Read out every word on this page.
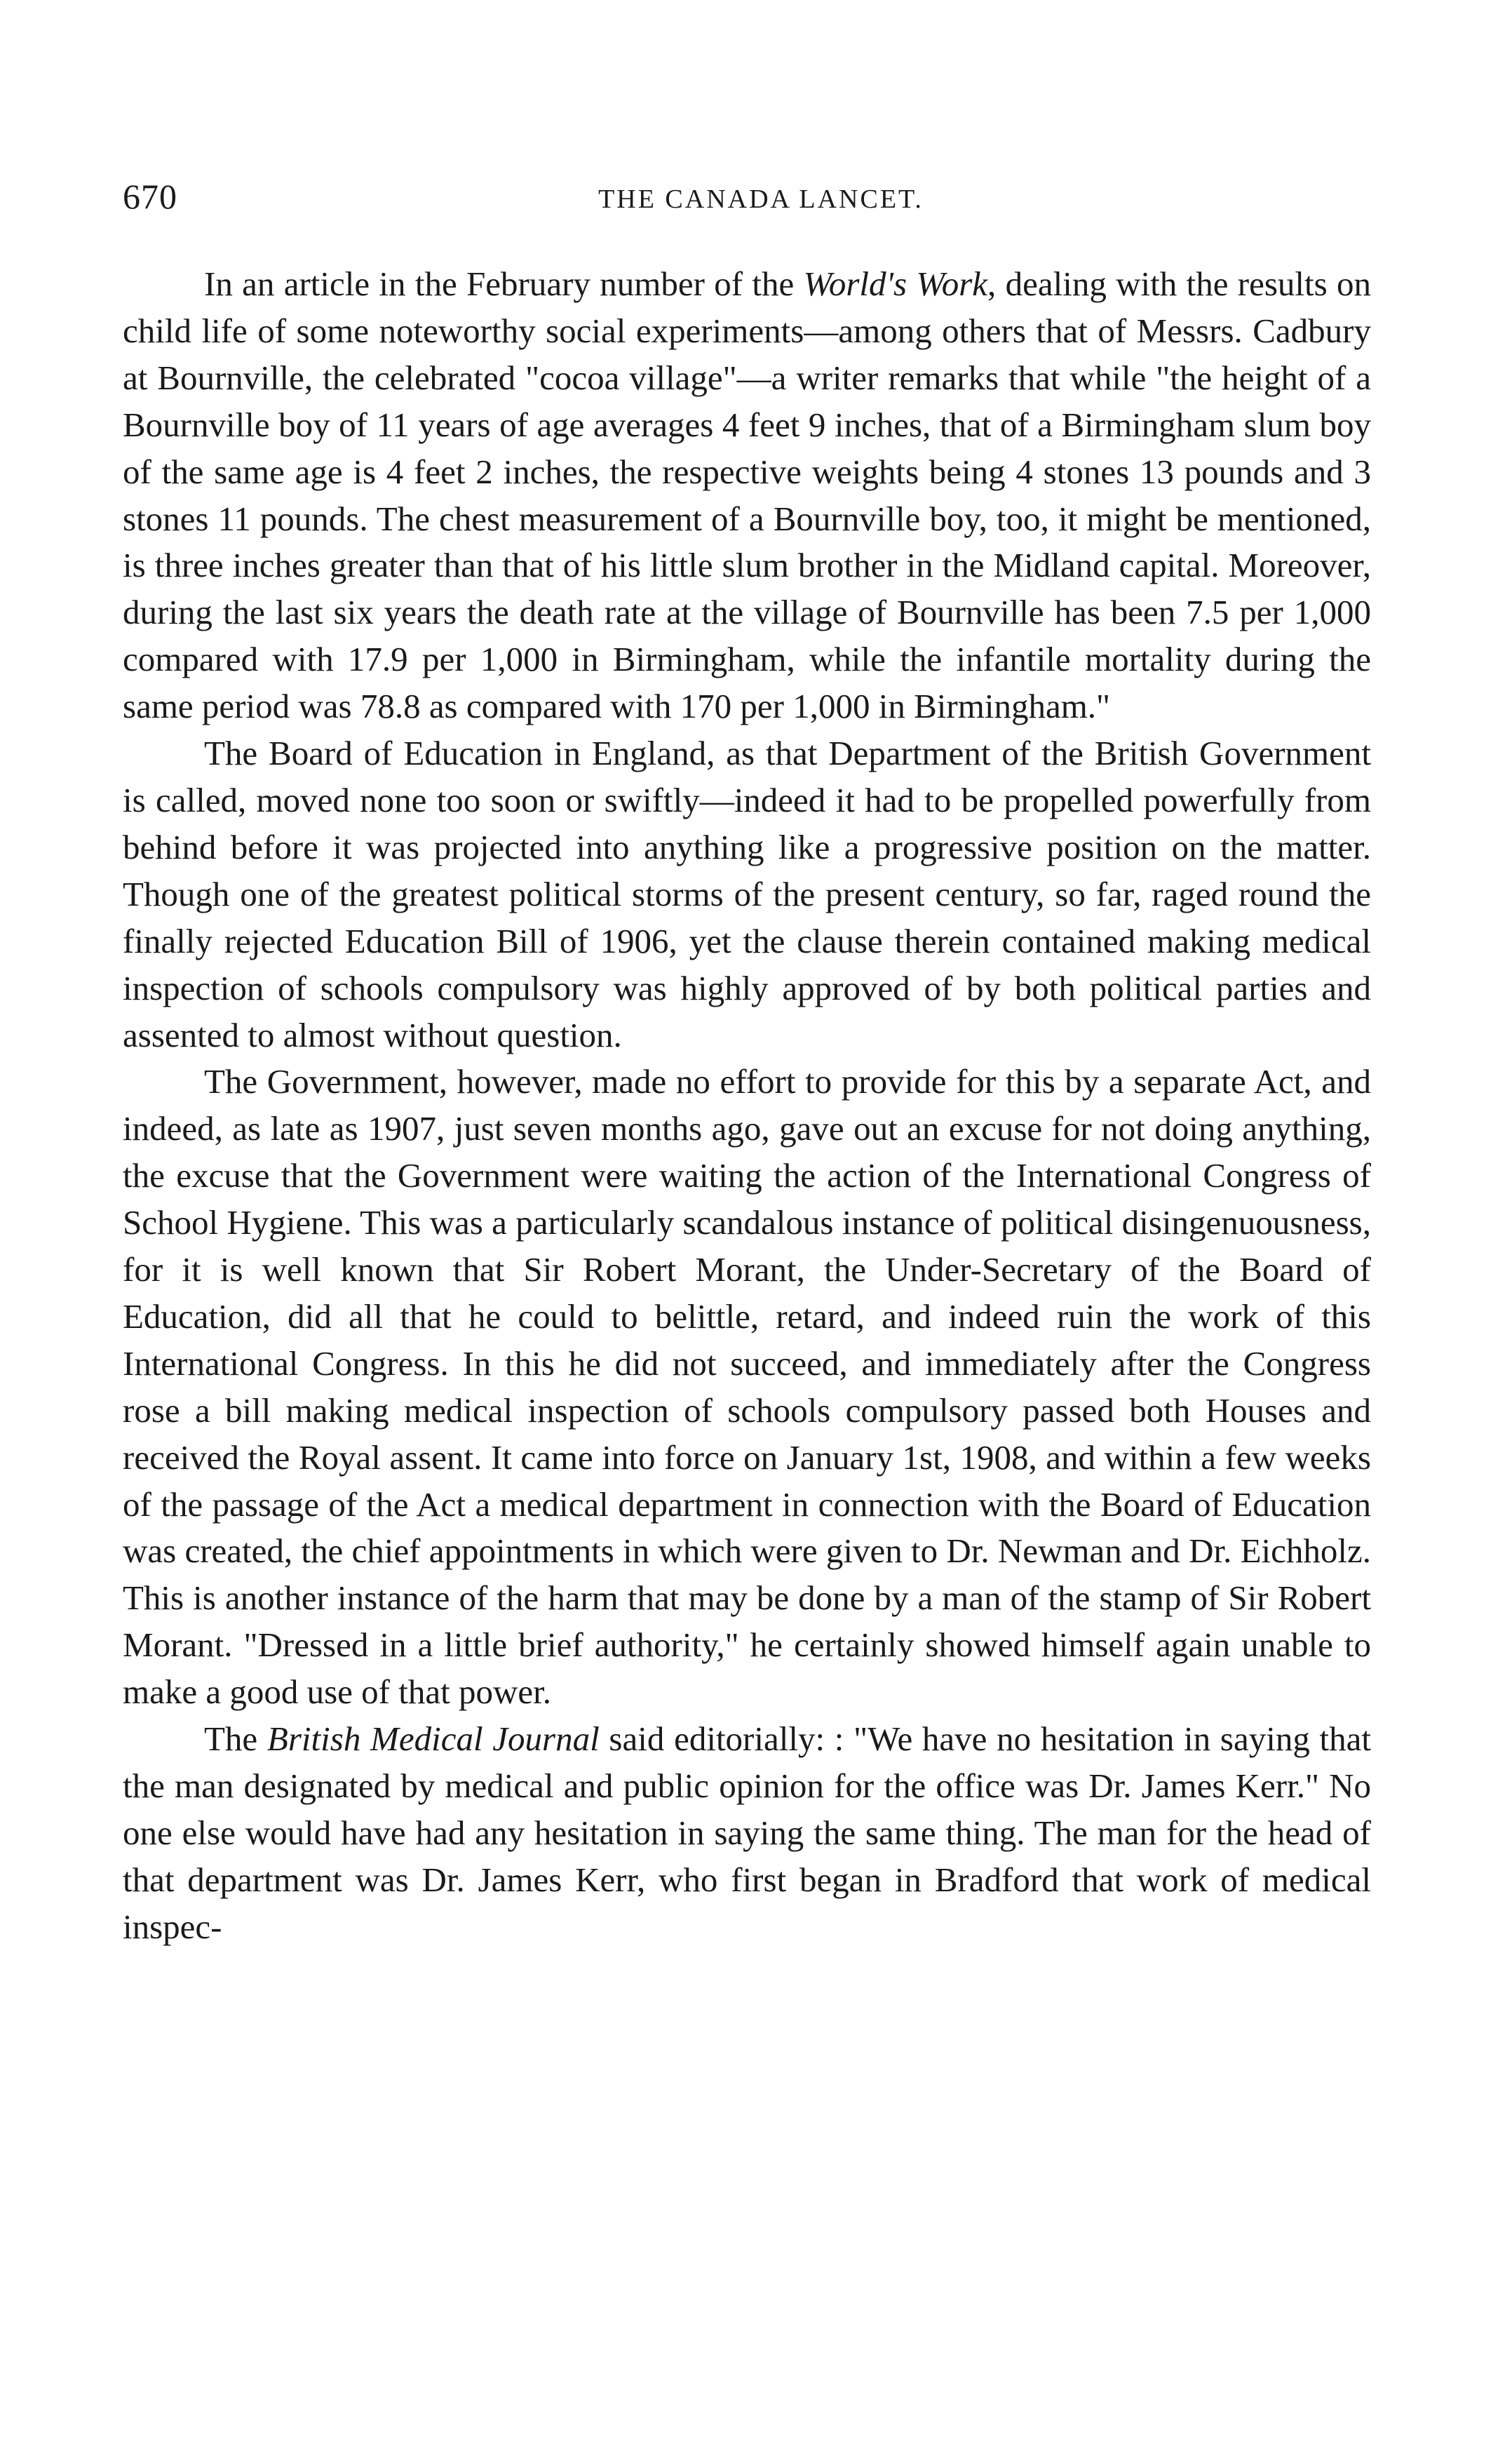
670	THE CANADA LANCET.

In an article in the February number of the World's Work, dealing with the results on child life of some noteworthy social experiments—among others that of Messrs. Cadbury at Bournville, the celebrated "cocoa village"—a writer remarks that while "the height of a Bournville boy of 11 years of age averages 4 feet 9 inches, that of a Birmingham slum boy of the same age is 4 feet 2 inches, the respective weights being 4 stones 13 pounds and 3 stones 11 pounds. The chest measurement of a Bournville boy, too, it might be mentioned, is three inches greater than that of his little slum brother in the Midland capital. Moreover, during the last six years the death rate at the village of Bournville has been 7.5 per 1,000 compared with 17.9 per 1,000 in Birmingham, while the infantile mortality during the same period was 78.8 as compared with 170 per 1,000 in Birmingham."

The Board of Education in England, as that Department of the British Government is called, moved none too soon or swiftly—indeed it had to be propelled powerfully from behind before it was projected into anything like a progressive position on the matter. Though one of the greatest political storms of the present century, so far, raged round the finally rejected Education Bill of 1906, yet the clause therein contained making medical inspection of schools compulsory was highly approved of by both political parties and assented to almost without question.

The Government, however, made no effort to provide for this by a separate Act, and indeed, as late as 1907, just seven months ago, gave out an excuse for not doing anything, the excuse that the Government were waiting the action of the International Congress of School Hygiene. This was a particularly scandalous instance of political disingenuousness, for it is well known that Sir Robert Morant, the Under-Secretary of the Board of Education, did all that he could to belittle, retard, and indeed ruin the work of this International Congress. In this he did not succeed, and immediately after the Congress rose a bill making medical inspection of schools compulsory passed both Houses and received the Royal assent. It came into force on January 1st, 1908, and within a few weeks of the passage of the Act a medical department in connection with the Board of Education was created, the chief appointments in which were given to Dr. Newman and Dr. Eichholz. This is another instance of the harm that may be done by a man of the stamp of Sir Robert Morant. "Dressed in a little brief authority," he certainly showed himself again unable to make a good use of that power.

The British Medical Journal said editorially: : "We have no hesitation in saying that the man designated by medical and public opinion for the office was Dr. James Kerr." No one else would have had any hesitation in saying the same thing. The man for the head of that department was Dr. James Kerr, who first began in Bradford that work of medical inspec-
